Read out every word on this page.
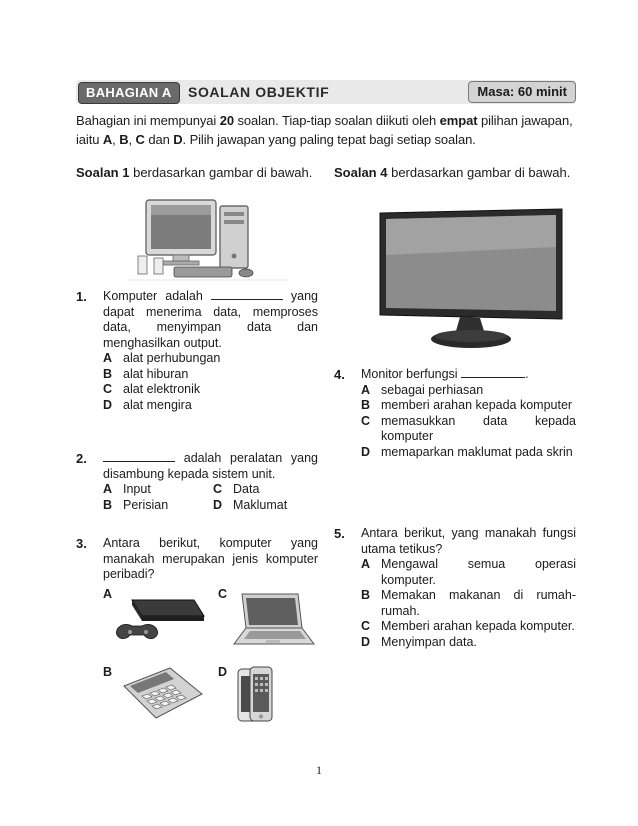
BAHAGIAN A	SOALAN OBJEKTIF	Masa: 60 minit
Bahagian ini mempunyai 20 soalan. Tiap-tiap soalan diikuti oleh empat pilihan jawapan, iaitu A, B, C dan D. Pilih jawapan yang paling tepat bagi setiap soalan.
Soalan 1 berdasarkan gambar di bawah.
1. Komputer adalah	yang dapat menerima data, memproses data, menyimpan data dan menghasilkan output.
A alat perhubungan
B alat hiburan
C alat elektronik
D alat mengira
2.	adalah peralatan yang disambung kepada sistem unit.
A Input	C Data
B Perisian	D Maklumat
3. Antara berikut, komputer yang manakah merupakan jenis komputer peribadi?
A	C
B	D
Soalan 4 berdasarkan gambar di bawah.
4. Monitor berfungsi	.
A sebagai perhiasan
B memberi arahan kepada komputer
C memasukkan data kepada komputer
D memaparkan maklumat pada skrin
5. Antara berikut, yang manakah fungsi utama tetikus?
A Mengawal semua operasi komputer.
B Memakan makanan di rumah-rumah.
C Memberi arahan kepada komputer.
D Menyimpan data.
1
